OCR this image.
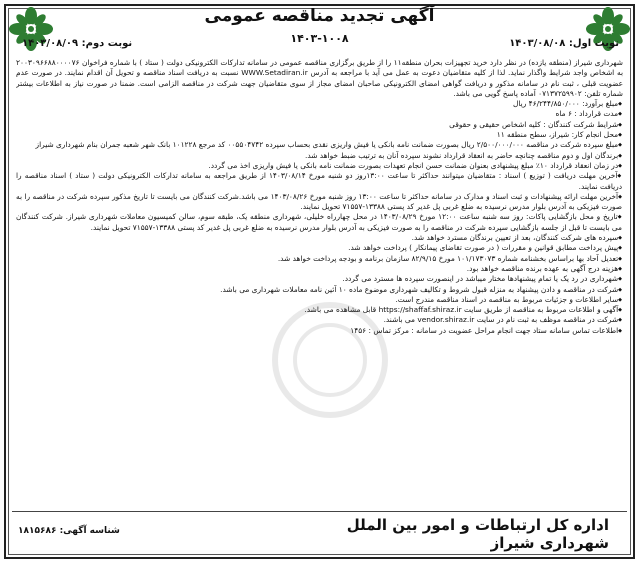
آگهی تجدید مناقصه عمومی
۱۴۰۳-۱۰۰۸	نوبت اول: ۱۴۰۳/۰۸/۰۸
نوبت دوم: ۱۴۰۳/۰۸/۰۹

شهرداری شیراز (منطقه یازده) در نظر دارد خرید تجهیزات بحران منطقه۱۱ را از طریق برگزاری مناقصه عمومی در سامانه تدارکات الکترونیکی دولت ( ستاد ) با شماره فراخوان ۲۰۰۳۰۹۶۶۸۸۰۰۰۰۷۶ به اشخاص واجد شرایط واگذار نماید. لذا از کلیه متقاضیان دعوت به عمل می آید با مراجعه به آدرس WWW.Setadiran.ir نسبت به دریافت اسناد مناقصه و تحویل آن اقدام نمایند. در صورت عدم عضویت قبلی ، ثبت نام در سامانه مذکور و دریافت گواهی امضای الکترونیکی صاحبان امضای مجاز از سوی متقاضیان جهت شرکت در مناقصه الزامی است. ضمنا در صورت نیاز به اطلاعات بیشتر شماره تلفن: ۰۷۱۳۷۲۵۹۹۰۲ آماده پاسخ گویی می باشد.

◆ مبلغ برآورد: ۴۶/۲۴۴/۸۵۰/۰۰۰ ریال

◆ مدت قرارداد : ۶ ماه

◆ شرایط شرکت کنندگان : کلیه اشخاص حقیقی و حقوقی

◆ محل انجام کار: شیراز، سطح منطقه ۱۱

◆ مبلغ سپرده شرکت در مناقصه ۲/۵۰۰/۰۰۰/۰۰۰ ریال بصورت ضمانت نامه بانکی یا فیش واریزی نقدی بحساب سپرده ۰۰۵۵۰۴۷۴۲ کد مرجع ۱۰۱۲۲۸ بانک شهر شعبه جمران بنام شهرداری شیراز

◆ برندگان اول و دوم مناقصه چنانچه حاضر به انعقاد قرارداد نشوند سپرده آنان به ترتیب ضبط خواهد شد.

◆ در زمان انعقاد قرارداد ۱۰٪ مبلغ پیشنهادی بعنوان ضمانت حسن انجام تعهدات بصورت ضمانت نامه بانکی یا فیش واریزی اخذ می گردد.

◆ آخرین مهلت دریافت ( توزیع ) اسناد : متقاضیان میتوانند حداکثر تا ساعت ۱۳:۰۰روز دو شنبه مورخ ۱۴۰۳/۰۸/۱۴ از طریق مراجعه به سامانه تدارکات الکترونیکی دولت ( ستاد ) اسناد مناقصه را دریافت نمایند.

◆ آخرین مهلت ارائه پیشنهادات و ثبت اسناد و مدارک در سامانه حداکثر تا ساعت ۱۳:۰۰ روز شنبه مورخ ۱۴۰۳/۰۸/۲۶ می باشد.شرکت کنندگان می بایست تا تاریخ مذکور سپرده شرکت در مناقصه را به صورت فیزیکی به آدرس بلوار مدرس نرسیده به ضلع غربی پل غدیر کد پستی ۱۳۳۸۸-۷۱۵۵۷ تحویل نمایند.

◆ تاریخ و محل بازگشایی پاکات: روز سه شنبه ساعت ۱۲:۰۰ مورخ ۱۴۰۳/۰۸/۲۹ در محل چهارراه خلیلی، شهرداری منطقه یک، طبقه سوم، سالن کمیسیون معاملات شهرداری شیراز. شرکت کنندگان می بایست تا قبل از جلسه بازگشایی سپرده شرکت در مناقصه را به صورت فیزیکی به آدرس بلوار مدرس نرسیده به ضلع غربی پل غدیر کد پستی ۱۳۳۸۸-۷۱۵۵۷ تحویل نمایند.

◆ سپرده های شرکت کنندگان، بعد از تعیین برندگان مسترد خواهد شد.

◆ پیش پرداخت مطابق قوانین و مقررات ( در صورت تقاضای پیمانکار ) پرداخت خواهد شد.

◆ تعدیل آحاد بها براساس بخشنامه شماره ۱۰۱/۱۷۳۰۷۳ مورخ ۸۲/۹/۱۵ سازمان برنامه و بودجه پرداخت خواهد شد.

◆ هزینه درج آگهی به عهده برنده مناقصه خواهد بود.

◆ شهرداری در رد یک یا تمام پیشنهادها مختار میباشد در اینصورت سپرده ها مسترد می گردد.

◆ شرکت در مناقصه و دادن پیشنهاد به منزله قبول شروط و تکالیف شهرداری موضوع ماده ۱۰ آئین نامه معاملات شهرداری می باشد.

◆ سایر اطلاعات و جزئیات مربوط به مناقصه در اسناد مناقصه مندرج است.

◆ آگهی و اطلاعات مربوط به مناقصه از طریق سایت https://shaffaf.shiraz.ir قابل مشاهده می باشد.

◆ شرکت در مناقصه موظف به ثبت نام در سایت vendor.shiraz.ir می باشند.

◆ اطلاعات تماس سامانه ستاد جهت انجام مراحل عضویت در سامانه : مرکز تماس : ۱۴۵۶

اداره کل ارتباطات و امور بین الملل شهرداری شیراز
شناسه آگهی: ۱۸۱۵۶۸۶
